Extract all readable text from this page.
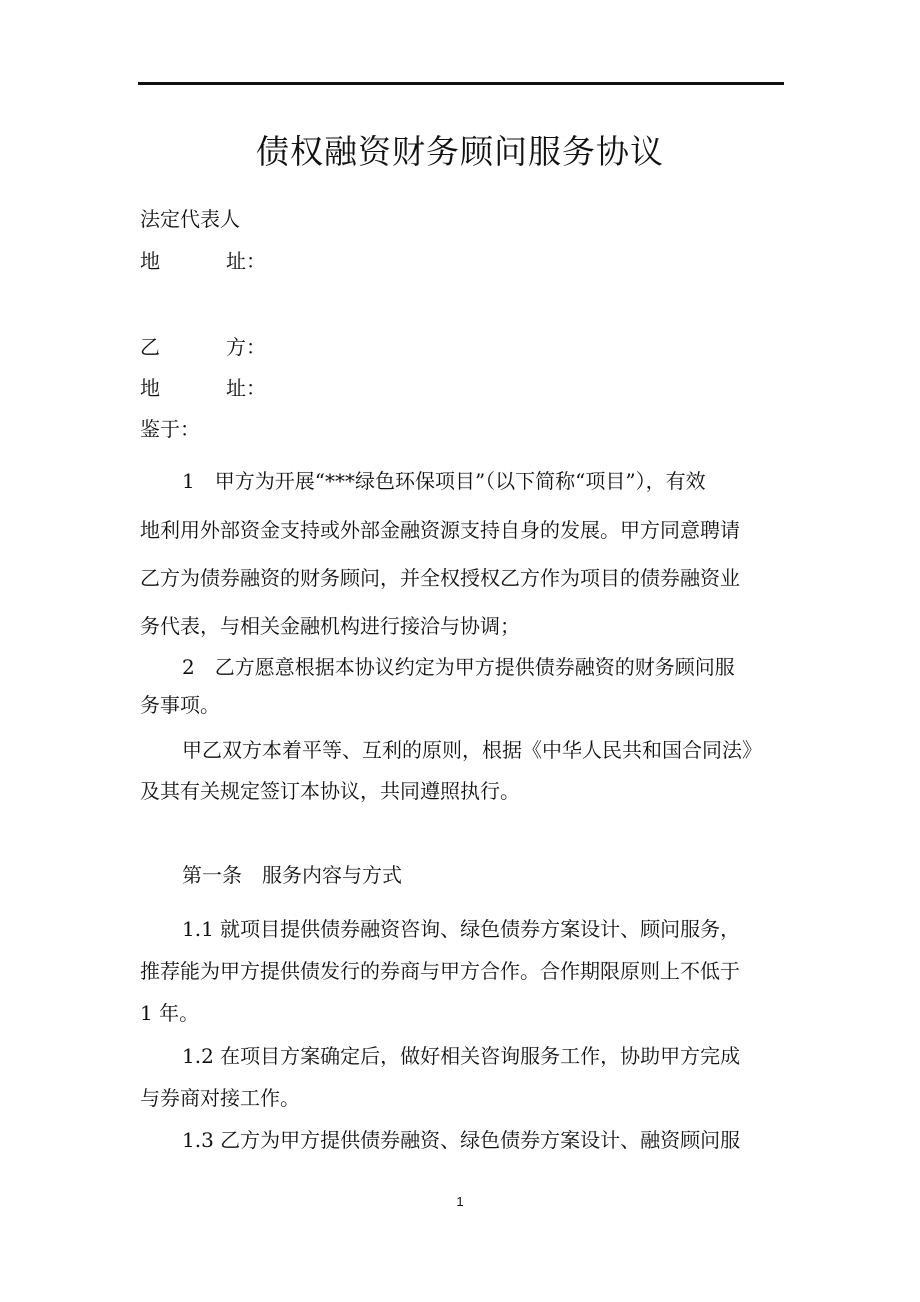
债权融资财务顾问服务协议
法定代表人
地	址：
乙	方：
地	址：
鉴于：
1　甲方为开展“***绿色环保项目”（以下简称“项目”），有效
地利用外部资金支持或外部金融资源支持自身的发展。甲方同意聘请
乙方为债券融资的财务顾问，并全权授权乙方作为项目的债券融资业
务代表，与相关金融机构进行接洽与协调；
2　乙方愿意根据本协议约定为甲方提供债券融资的财务顾问服
务事项。
甲乙双方本着平等、互利的原则，根据《中华人民共和国合同法》
及其有关规定签订本协议，共同遵照执行。
第一条　服务内容与方式
1.1 就项目提供债券融资咨询、绿色债券方案设计、顾问服务，
推荐能为甲方提供债发行的券商与甲方合作。合作期限原则上不低于
1 年。
1.2 在项目方案确定后，做好相关咨询服务工作，协助甲方完成
与券商对接工作。
1.3 乙方为甲方提供债券融资、绿色债券方案设计、融资顾问服
1
